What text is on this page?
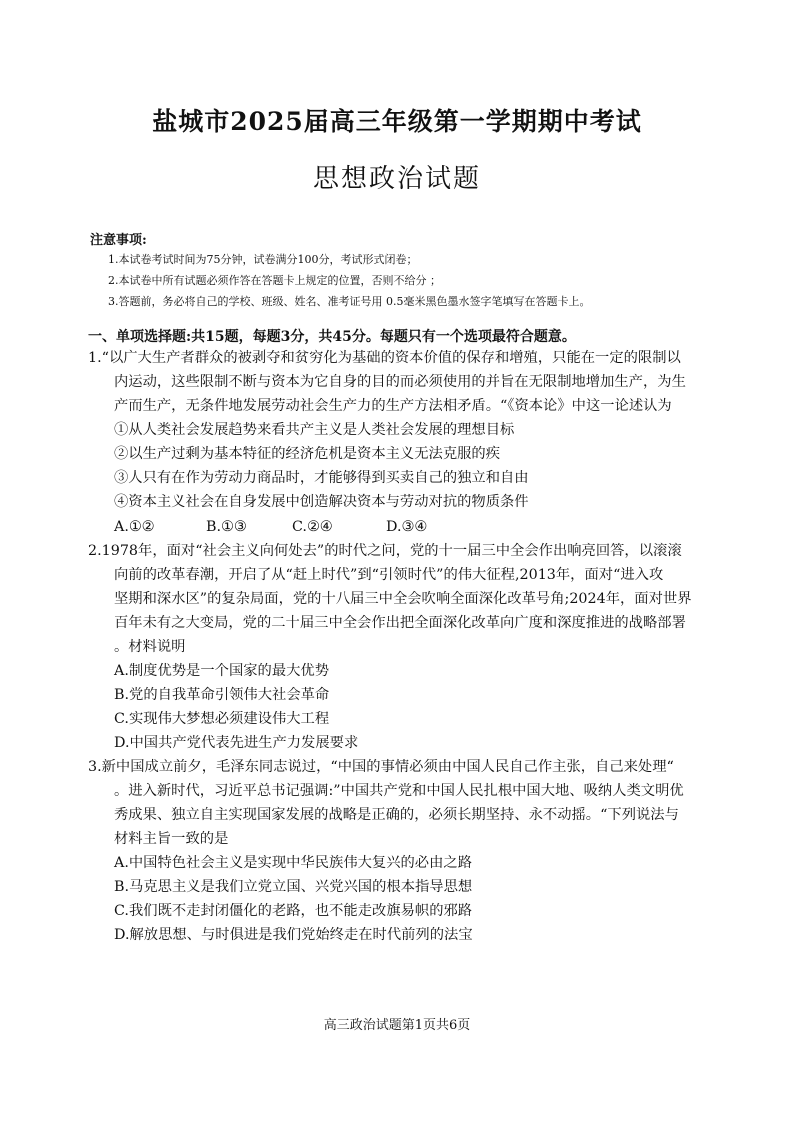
盐城市2025届高三年级第一学期期中考试
思想政治试题
注意事项:
1.本试卷考试时间为75分钟，试卷满分100分，考试形式闭卷；
2.本试卷中所有试题必须作答在答题卡上规定的位置，否则不给分 ；
3.答题前，务必将自己的学校、班级、姓名、准考证号用 0.5毫米黑色墨水签字笔填写在答题卡上。
一、单项选择题:共15题，每题3分，共45分。每题只有一个选项最符合题意。
1.“以广大生产者群众的被剥夺和贫穷化为基础的资本价值的保存和增殖，只能在一定的限制以
内运动，这些限制不断与资本为它自身的目的而必须使用的并旨在无限制地增加生产，为生
产而生产，无条件地发展劳动社会生产力的生产方法相矛盾。“《资本论》中这一论述认为
①从人类社会发展趋势来看共产主义是人类社会发展的理想目标
②以生产过剩为基本特征的经济危机是资本主义无法克服的疾
③人只有在作为劳动力商品时，才能够得到买卖自己的独立和自由
④资本主义社会在自身发展中创造解决资本与劳动对抗的物质条件
A.①②	B.①③	C.②④	D.③④
2.1978年，面对“社会主义向何处去”的时代之问，党的十一届三中全会作出响亮回答，以滚滚
向前的改革春潮，开启了从“赶上时代”到“引领时代”的伟大征程,2013年，面对“进入攻
坚期和深水区”的复杂局面，党的十八届三中全会吹响全面深化改革号角;2024年，面对世界
百年未有之大变局，党的二十届三中全会作出把全面深化改革向广度和深度推进的战略部署
。材料说明
A.制度优势是一个国家的最大优势
B.党的自我革命引领伟大社会革命
C.实现伟大梦想必须建设伟大工程
D.中国共产党代表先进生产力发展要求
3.新中国成立前夕，毛泽东同志说过，“中国的事情必须由中国人民自己作主张，自己来处理“
。进入新时代，习近平总书记强调:”中国共产党和中国人民扎根中国大地、吸纳人类文明优
秀成果、独立自主实现国家发展的战略是正确的，必须长期坚持、永不动摇。“下列说法与
材料主旨一致的是
A.中国特色社会主义是实现中华民族伟大复兴的必由之路
B.马克思主义是我们立党立国、兴党兴国的根本指导思想
C.我们既不走封闭僵化的老路，也不能走改旗易帜的邪路
D.解放思想、与时俱进是我们党始终走在时代前列的法宝
高三政治试题第1页共6页
